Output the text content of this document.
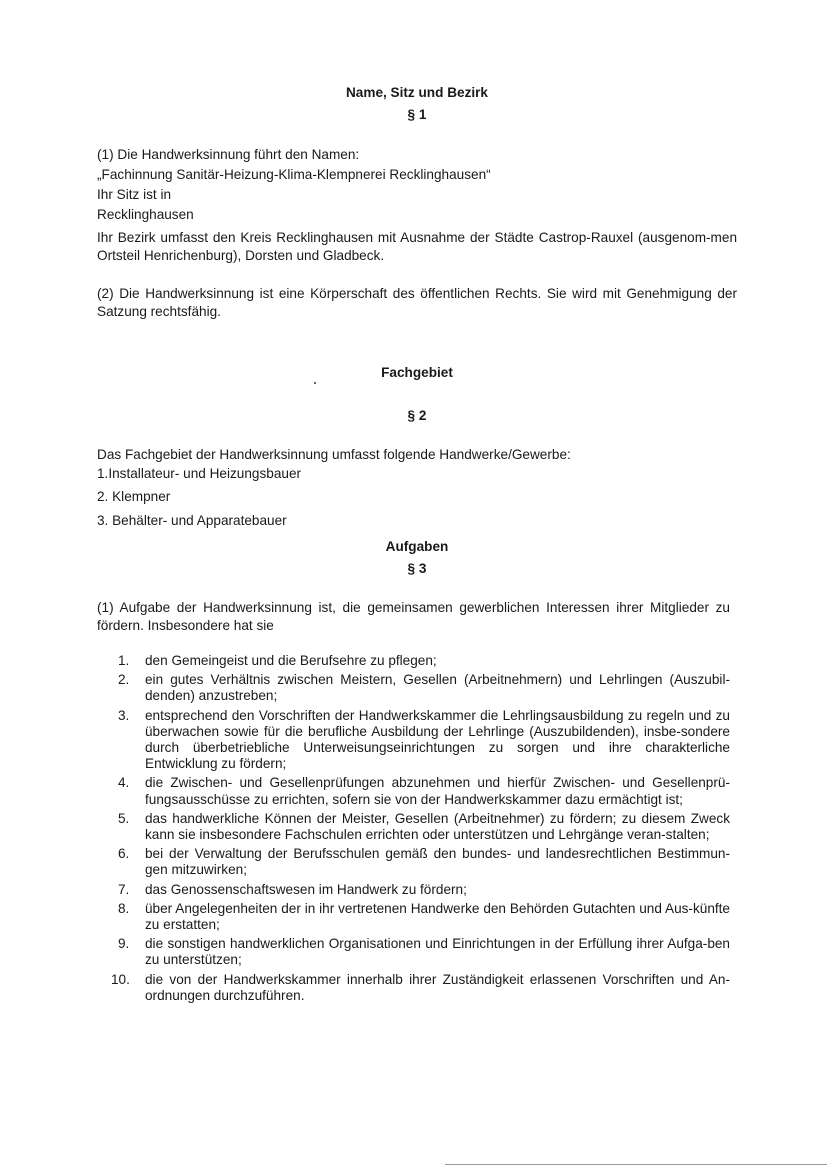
Name, Sitz und Bezirk

§ 1

(1) Die Handwerksinnung führt den Namen:

„Fachinnung Sanitär-Heizung-Klima-Klempnerei Recklinghausen“

Ihr Sitz ist in

Recklinghausen

Ihr Bezirk umfasst den Kreis Recklinghausen mit Ausnahme der Städte Castrop-Rauxel (ausgenom-men Ortsteil Henrichenburg), Dorsten und Gladbeck.

(2) Die Handwerksinnung ist eine Körperschaft des öffentlichen Rechts. Sie wird mit Genehmigung der Satzung rechtsfähig.

Fachgebiet

§ 2

Das Fachgebiet der Handwerksinnung umfasst folgende Handwerke/Gewerbe:

1.Installateur- und Heizungsbauer

2. Klempner

3. Behälter- und Apparatebauer

Aufgaben

§ 3

(1) Aufgabe der Handwerksinnung ist, die gemeinsamen gewerblichen Interessen ihrer Mitglieder zu fördern. Insbesondere hat sie

1. den Gemeingeist und die Berufsehre zu pflegen;
2. ein gutes Verhältnis zwischen Meistern, Gesellen (Arbeitnehmern) und Lehrlingen (Auszubil-denden) anzustreben;
3. entsprechend den Vorschriften der Handwerkskammer die Lehrlingsausbildung zu regeln und zu überwachen sowie für die berufliche Ausbildung der Lehrlinge (Auszubildenden), insbe-sondere durch überbetriebliche Unterweisungseinrichtungen zu sorgen und ihre charakterliche Entwicklung zu fördern;
4. die Zwischen- und Gesellenprüfungen abzunehmen und hierfür Zwischen- und Gesellenprü-fungsausschüsse zu errichten, sofern sie von der Handwerkskammer dazu ermächtigt ist;
5. das handwerkliche Können der Meister, Gesellen (Arbeitnehmer) zu fördern; zu diesem Zweck kann sie insbesondere Fachschulen errichten oder unterstützen und Lehrgänge veran-stalten;
6. bei der Verwaltung der Berufsschulen gemäß den bundes- und landesrechtlichen Bestimmun-gen mitzuwirken;
7. das Genossenschaftswesen im Handwerk zu fördern;
8. über Angelegenheiten der in ihr vertretenen Handwerke den Behörden Gutachten und Aus-künfte zu erstatten;
9. die sonstigen handwerklichen Organisationen und Einrichtungen in der Erfüllung ihrer Aufga-ben zu unterstützen;
10. die von der Handwerkskammer innerhalb ihrer Zuständigkeit erlassenen Vorschriften und An-ordnungen durchzuführen.
